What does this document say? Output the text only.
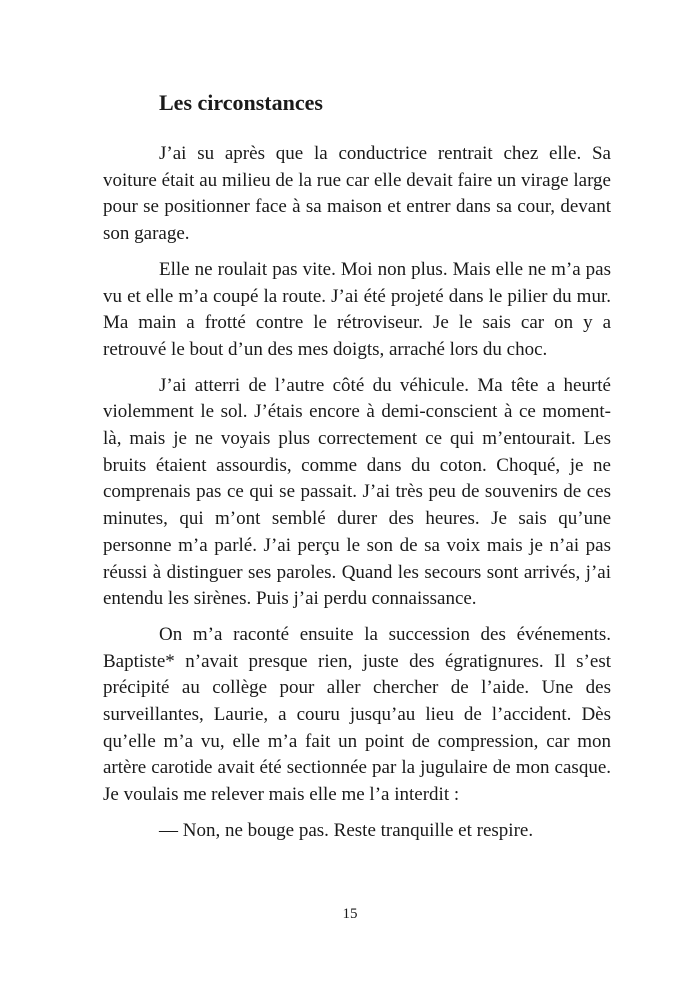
Les circonstances

J’ai su après que la conductrice rentrait chez elle. Sa voiture était au milieu de la rue car elle devait faire un virage large pour se positionner face à sa maison et entrer dans sa cour, devant son garage.

Elle ne roulait pas vite. Moi non plus. Mais elle ne m’a pas vu et elle m’a coupé la route. J’ai été projeté dans le pilier du mur. Ma main a frotté contre le rétroviseur. Je le sais car on y a retrouvé le bout d’un des mes doigts, arraché lors du choc.

J’ai atterri de l’autre côté du véhicule. Ma tête a heurté violemment le sol. J’étais encore à demi-conscient à ce moment-là, mais je ne voyais plus correctement ce qui m’entourait. Les bruits étaient assourdis, comme dans du coton. Choqué, je ne comprenais pas ce qui se passait. J’ai très peu de souvenirs de ces minutes, qui m’ont semblé durer des heures. Je sais qu’une personne m’a parlé. J’ai perçu le son de sa voix mais je n’ai pas réussi à distinguer ses paroles. Quand les secours sont arrivés, j’ai entendu les sirènes. Puis j’ai perdu connaissance.

On m’a raconté ensuite la succession des événements. Baptiste* n’avait presque rien, juste des égratignures. Il s’est précipité au collège pour aller chercher de l’aide. Une des surveillantes, Laurie, a couru jusqu’au lieu de l’accident. Dès qu’elle m’a vu, elle m’a fait un point de compression, car mon artère carotide avait été sectionnée par la jugulaire de mon casque. Je voulais me relever mais elle me l’a interdit :

— Non, ne bouge pas. Reste tranquille et respire.

15
